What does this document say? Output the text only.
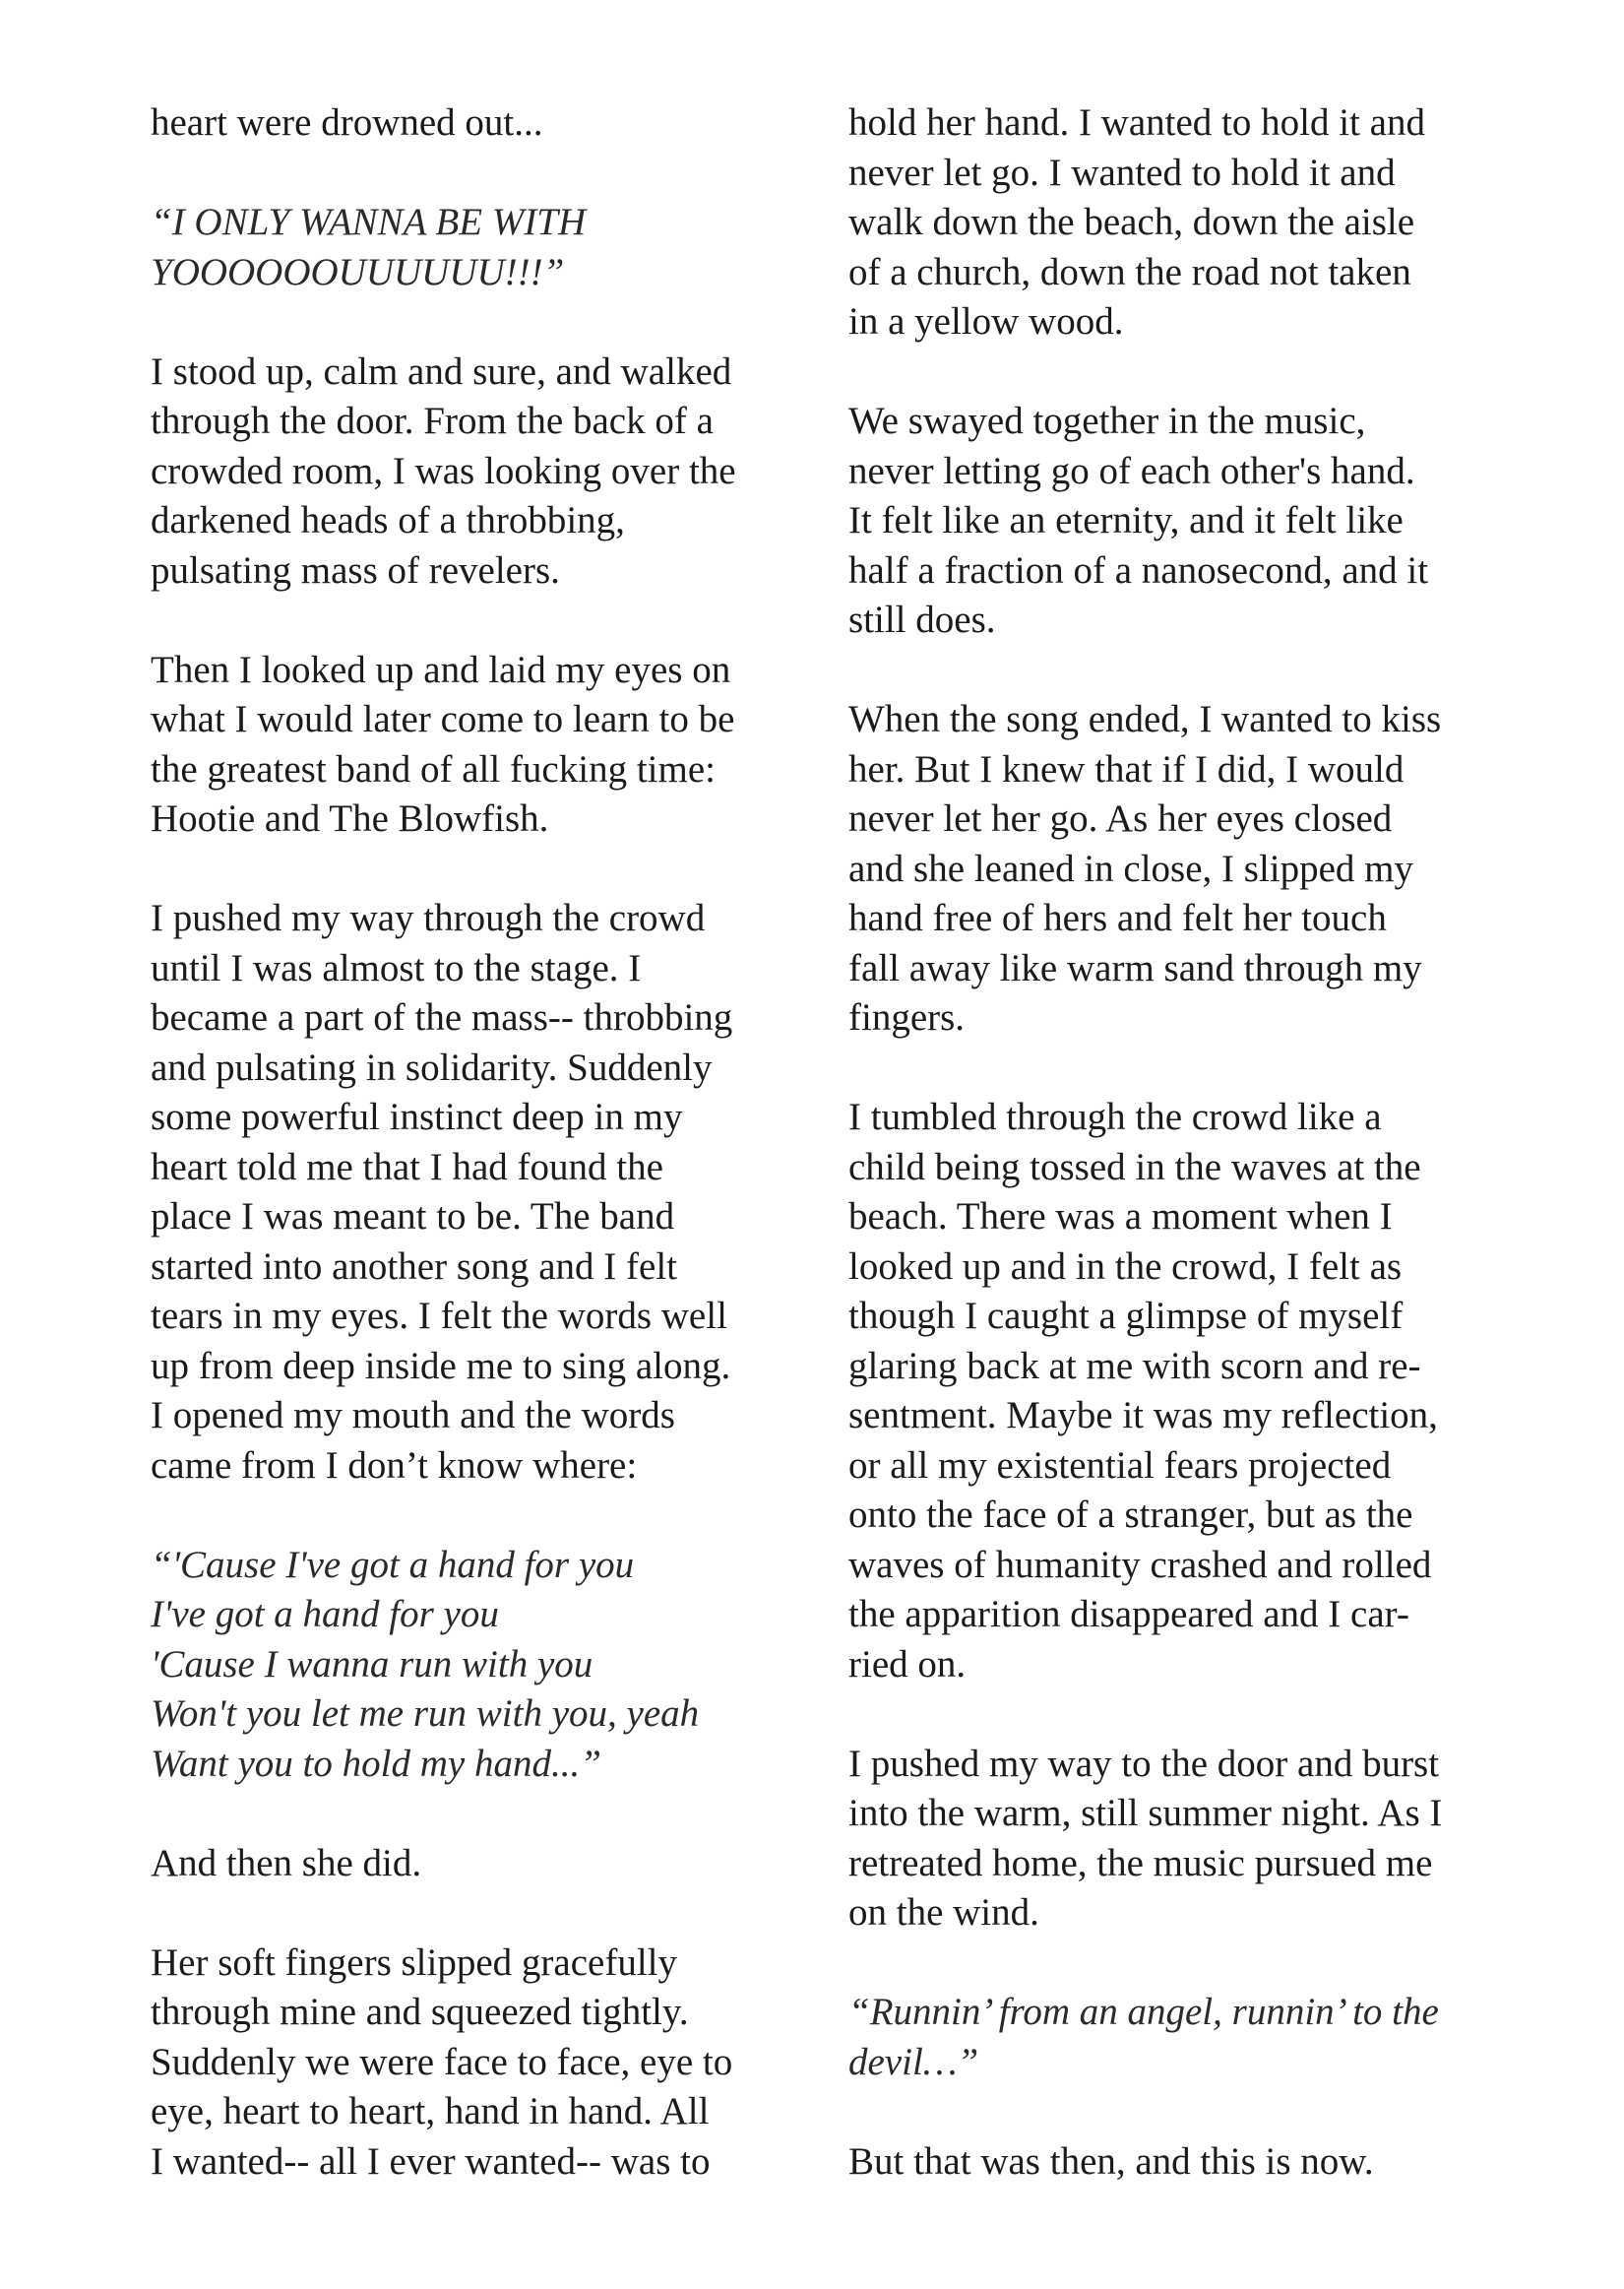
heart were drowned out...

“I ONLY WANNA BE WITH
YOOOOOOUUUUUU!!!”

I stood up, calm and sure, and walked
through the door. From the back of a
crowded room, I was looking over the
darkened heads of a throbbing,
pulsating mass of revelers.

Then I looked up and laid my eyes on
what I would later come to learn to be
the greatest band of all fucking time:
Hootie and The Blowfish.

I pushed my way through the crowd
until I was almost to the stage. I
became a part of the mass-- throbbing
and pulsating in solidarity. Suddenly
some powerful instinct deep in my
heart told me that I had found the
place I was meant to be. The band
started into another song and I felt
tears in my eyes. I felt the words well
up from deep inside me to sing along.
I opened my mouth and the words
came from I don’t know where:

“'Cause I've got a hand for you
I've got a hand for you
'Cause I wanna run with you
Won't you let me run with you, yeah
Want you to hold my hand...”

And then she did.

Her soft fingers slipped gracefully
through mine and squeezed tightly.
Suddenly we were face to face, eye to
eye, heart to heart, hand in hand. All
I wanted-- all I ever wanted-- was to

hold her hand. I wanted to hold it and
never let go. I wanted to hold it and
walk down the beach, down the aisle
of a church, down the road not taken
in a yellow wood.

We swayed together in the music,
never letting go of each other's hand.
It felt like an eternity, and it felt like
half a fraction of a nanosecond, and it
still does.

When the song ended, I wanted to kiss
her. But I knew that if I did, I would
never let her go. As her eyes closed
and she leaned in close, I slipped my
hand free of hers and felt her touch
fall away like warm sand through my
fingers.

I tumbled through the crowd like a
child being tossed in the waves at the
beach. There was a moment when I
looked up and in the crowd, I felt as
though I caught a glimpse of myself
glaring back at me with scorn and re-
sentment. Maybe it was my reflection,
or all my existential fears projected
onto the face of a stranger, but as the
waves of humanity crashed and rolled
the apparition disappeared and I car-
ried on.

I pushed my way to the door and burst
into the warm, still summer night. As I
retreated home, the music pursued me
on the wind.

“Runnin’ from an angel, runnin’ to the
devil…”

But that was then, and this is now.
